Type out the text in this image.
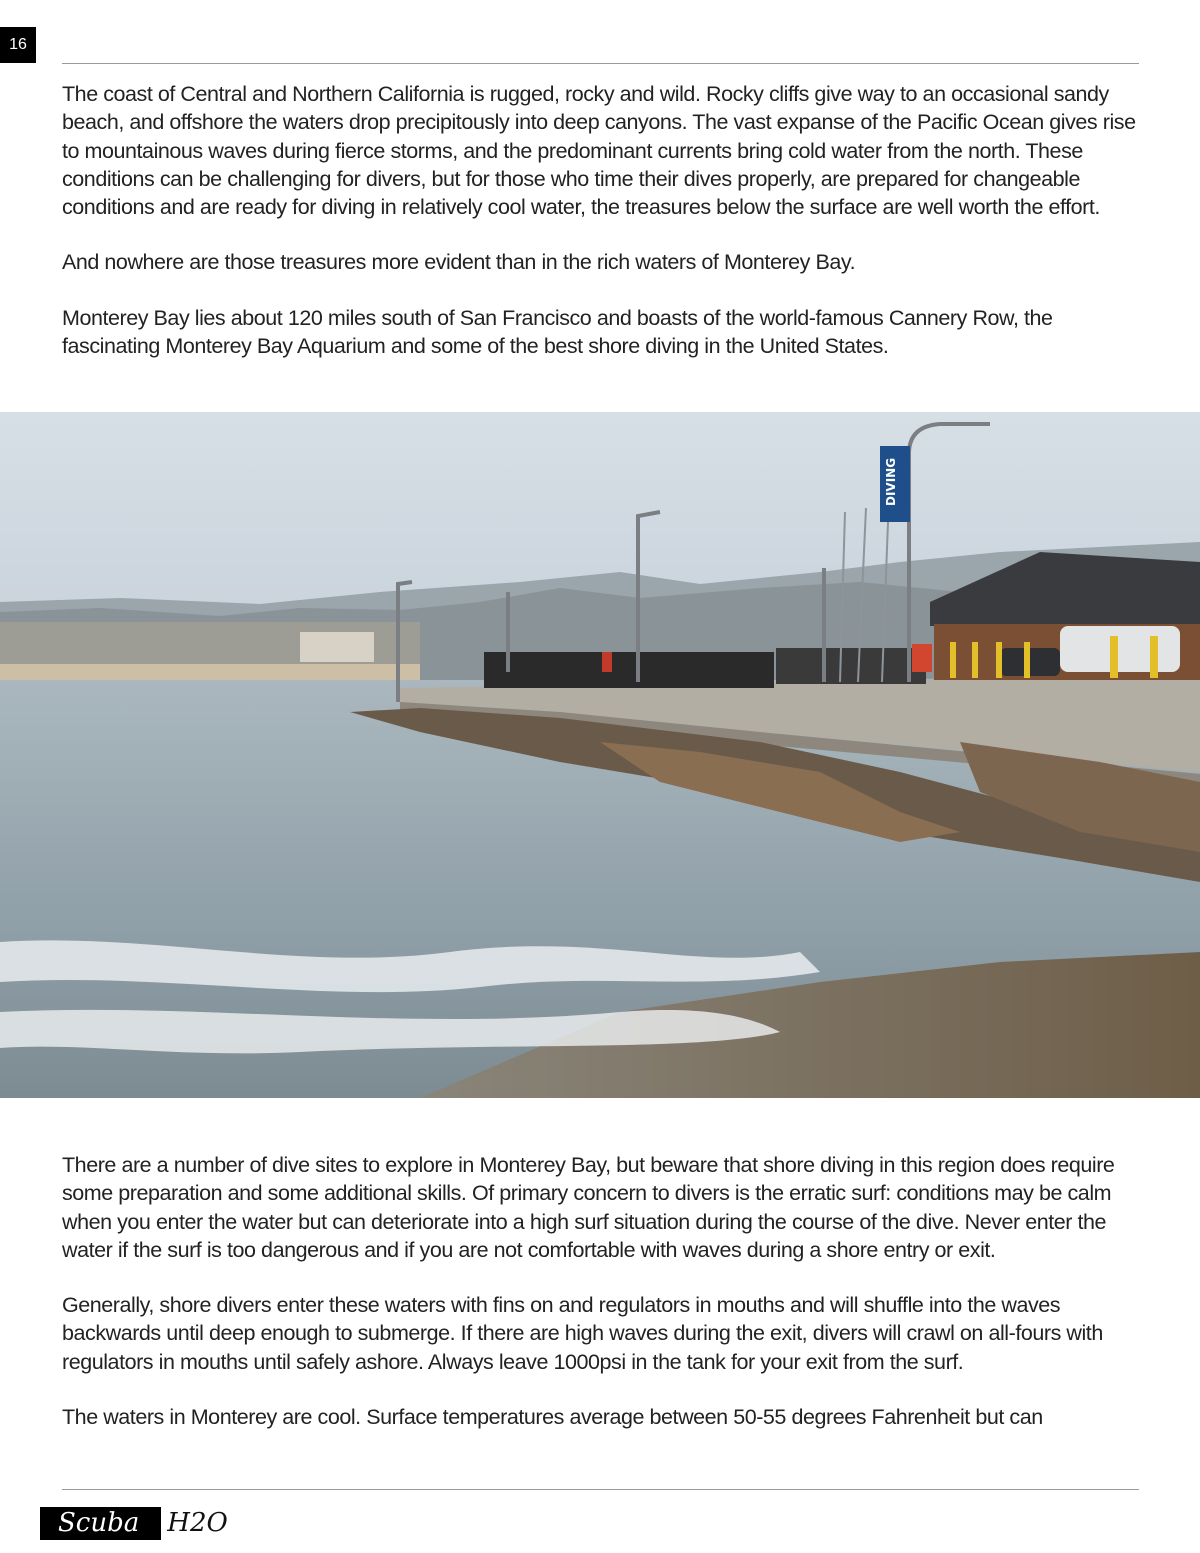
16

The coast of Central and Northern California is rugged, rocky and wild. Rocky cliffs give way to an occasional sandy beach, and offshore the waters drop precipitously into deep canyons. The vast expanse of the Pacific Ocean gives rise to mountainous waves during fierce storms, and the predominant currents bring cold water from the north. These conditions can be challenging for divers, but for those who time their dives properly, are prepared for changeable conditions and are ready for diving in relatively cool water, the treasures below the surface are well worth the effort.

And nowhere are those treasures more evident than in the rich waters of Monterey Bay.

Monterey Bay lies about 120 miles south of San Francisco and boasts of the world-famous Cannery Row, the fascinating Monterey Bay Aquarium and some of the best shore diving in the United States.

DIVING

There are a number of dive sites to explore in Monterey Bay, but beware that shore diving in this region does require some preparation and some additional skills. Of primary concern to divers is the erratic surf: conditions may be calm when you enter the water but can deteriorate into a high surf situation during the course of the dive. Never enter the water if the surf is too dangerous and if you are not comfortable with waves during a shore entry or exit.

Generally, shore divers enter these waters with fins on and regulators in mouths and will shuffle into the waves backwards until deep enough to submerge. If there are high waves during the exit, divers will crawl on all-fours with regulators in mouths until safely ashore. Always leave 1000psi in the tank for your exit from the surf.

The waters in Monterey are cool. Surface temperatures average between 50-55 degrees Fahrenheit but can

Scuba	H2O
